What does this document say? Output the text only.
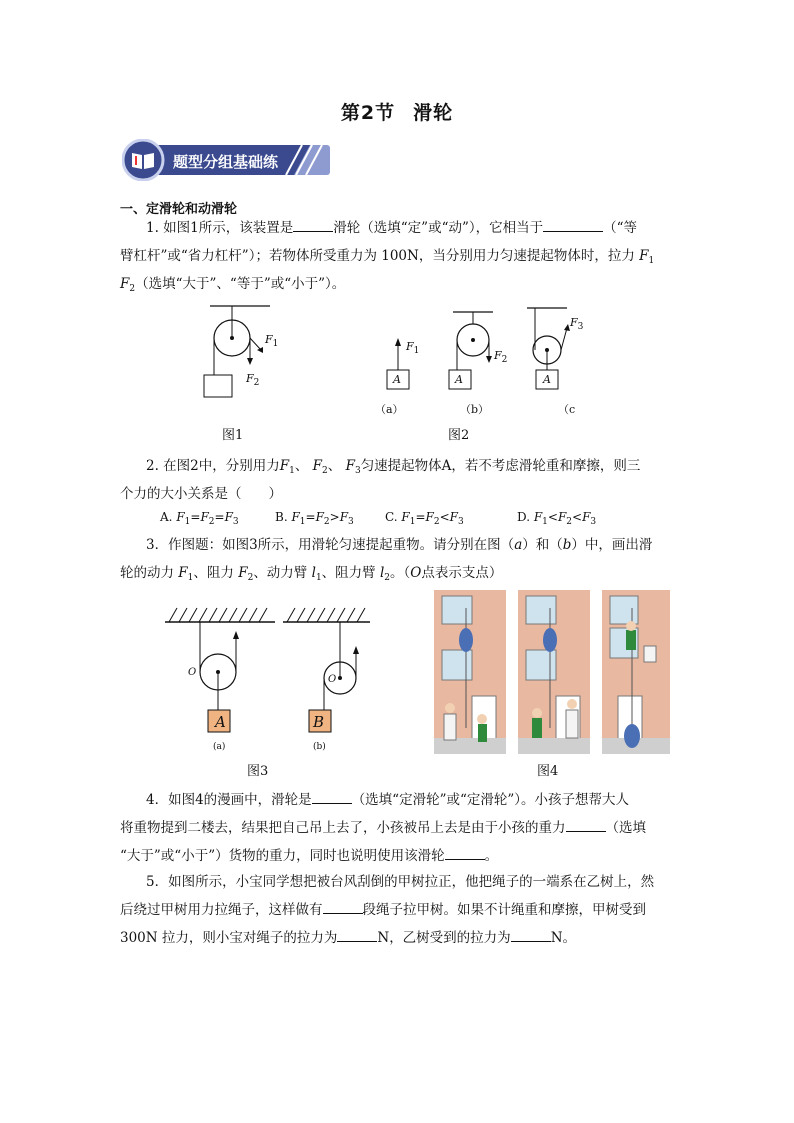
第2节 滑轮
题型分组基础练
一、定滑轮和动滑轮
1. 如图1所示，该装置是	滑轮（选填“定”或“动”），它相当于	（“等
臂杠杆”或“省力杠杆”）；若物体所受重力为 100N，当分别用力匀速提起物体时，拉力 $F_1$
$F_2$（选填“大于”、“等于”或“小于”）。
$F_1$
$F_2$
图1
A	A	A
$F_1$	$F_2$
$F_3$
（a）	（b）	（c
图2
2. 在图2中，分别用力$F_1$、 $F_2$、 $F_3$匀速提起物体A，若不考虑滑轮重和摩擦，则三
个力的大小关系是（　　）
A. $F_1=F_2=F_3$	B. $F_1=F_2>F_3$	C. $F_1=F_2<F_3$	D. $F_1<F_2<F_3$
3．作图题：如图3所示，用滑轮匀速提起重物。请分别在图（a）和（b）中，画出滑
轮的动力 $F_1$、阻力 $F_2$、动力臂 $l_1$、阻力臂 $l_2$。（O点表示支点）
O
O
A	B
(a)	(b)
图3	图4
4．如图4的漫画中，滑轮是	（选填“定滑轮”或“定滑轮”）。小孩子想帮大人
将重物提到二楼去，结果把自己吊上去了，小孩被吊上去是由于小孩的重力	（选填
“大于”或“小于”）货物的重力，同时也说明使用该滑轮	。
5．如图所示，小宝同学想把被台风刮倒的甲树拉正，他把绳子的一端系在乙树上，然
后绕过甲树用力拉绳子，这样做有	段绳子拉甲树。如果不计绳重和摩擦，甲树受到
300N 拉力，则小宝对绳子的拉力为	N，乙树受到的拉力为	N。
